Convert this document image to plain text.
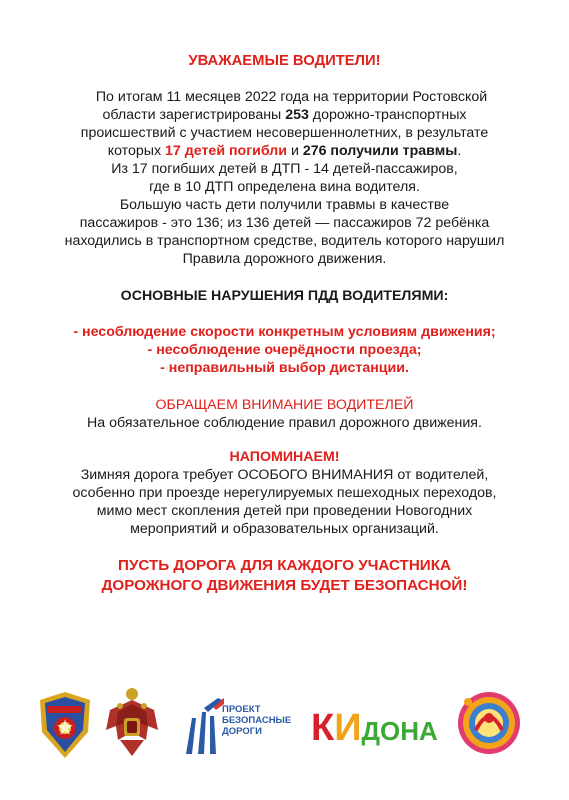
УВАЖАЕМЫЕ ВОДИТЕЛИ!

По итогам 11 месяцев 2022 года на территории Ростовской

области зарегистрированы 253 дорожно-транспортных

происшествий с участием несовершеннолетних, в результате

которых 17 детей погибли и 276 получили травмы.

Из 17 погибших детей в ДТП - 14 детей-пассажиров,

где в 10 ДТП определена вина водителя.

Большую часть дети получили травмы в качестве

пассажиров - это 136; из 136 детей — пассажиров 72 ребёнка

находились в транспортном средстве, водитель которого нарушил

Правила дорожного движения.

ОСНОВНЫЕ НАРУШЕНИЯ ПДД ВОДИТЕЛЯМИ:

- несоблюдение скорости конкретным условиям движения;

- несоблюдение очерёдности проезда;

- неправильный выбор дистанции.

ОБРАЩАЕМ ВНИМАНИЕ ВОДИТЕЛЕЙ
На обязательное соблюдение правил дорожного движения.
НАПОМИНАЕМ!

Зимняя дорога требует ОСОБОГО ВНИМАНИЯ от водителей,

особенно при проезде нерегулируемых пешеходных переходов,

мимо мест скопления детей при проведении Новогодних

мероприятий и образовательных организаций.

ПУСТЬ ДОРОГА ДЛЯ КАЖДОГО УЧАСТНИКА

ДОРОЖНОГО ДВИЖЕНИЯ БУДЕТ БЕЗОПАСНОЙ!

ПРОЕКТ
БЕЗОПАСНЫЕ
ДОРОГИ	КИДОНА
